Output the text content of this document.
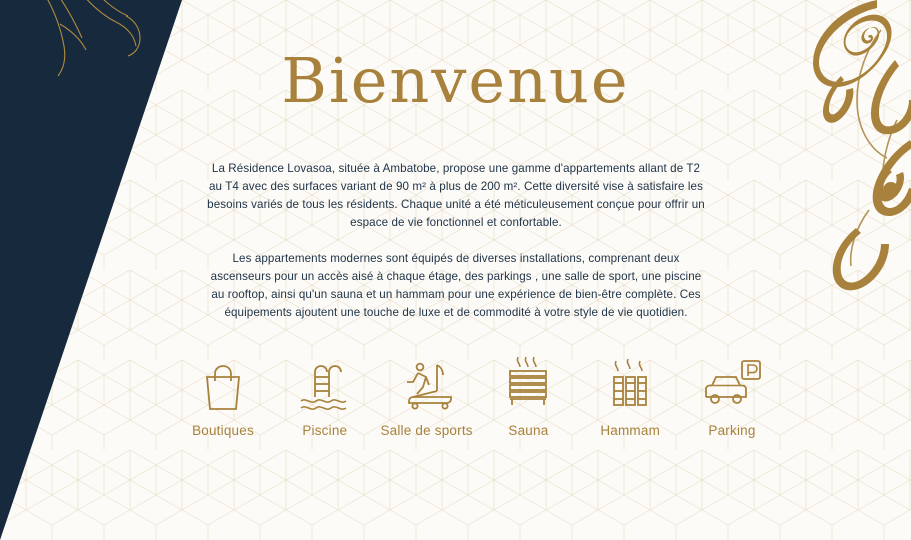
Bienvenue

La Résidence Lovasoa, située à Ambatobe, propose une gamme d'appartements allant de T2 au T4 avec des surfaces variant de 90 m² à plus de 200 m². Cette diversité vise à satisfaire les besoins variés de tous les résidents. Chaque unité a été méticuleusement conçue pour offrir un espace de vie fonctionnel et confortable.

Les appartements modernes sont équipés de diverses installations, comprenant deux ascenseurs pour un accès aisé à chaque étage, des parkings , une salle de sport, une piscine au rooftop, ainsi qu'un sauna et un hammam pour une expérience de bien-être complète. Ces équipements ajoutent une touche de luxe et de commodité à votre style de vie quotidien.

Boutiques	Piscine Salle de sports	Sauna	Hammam	Parking
